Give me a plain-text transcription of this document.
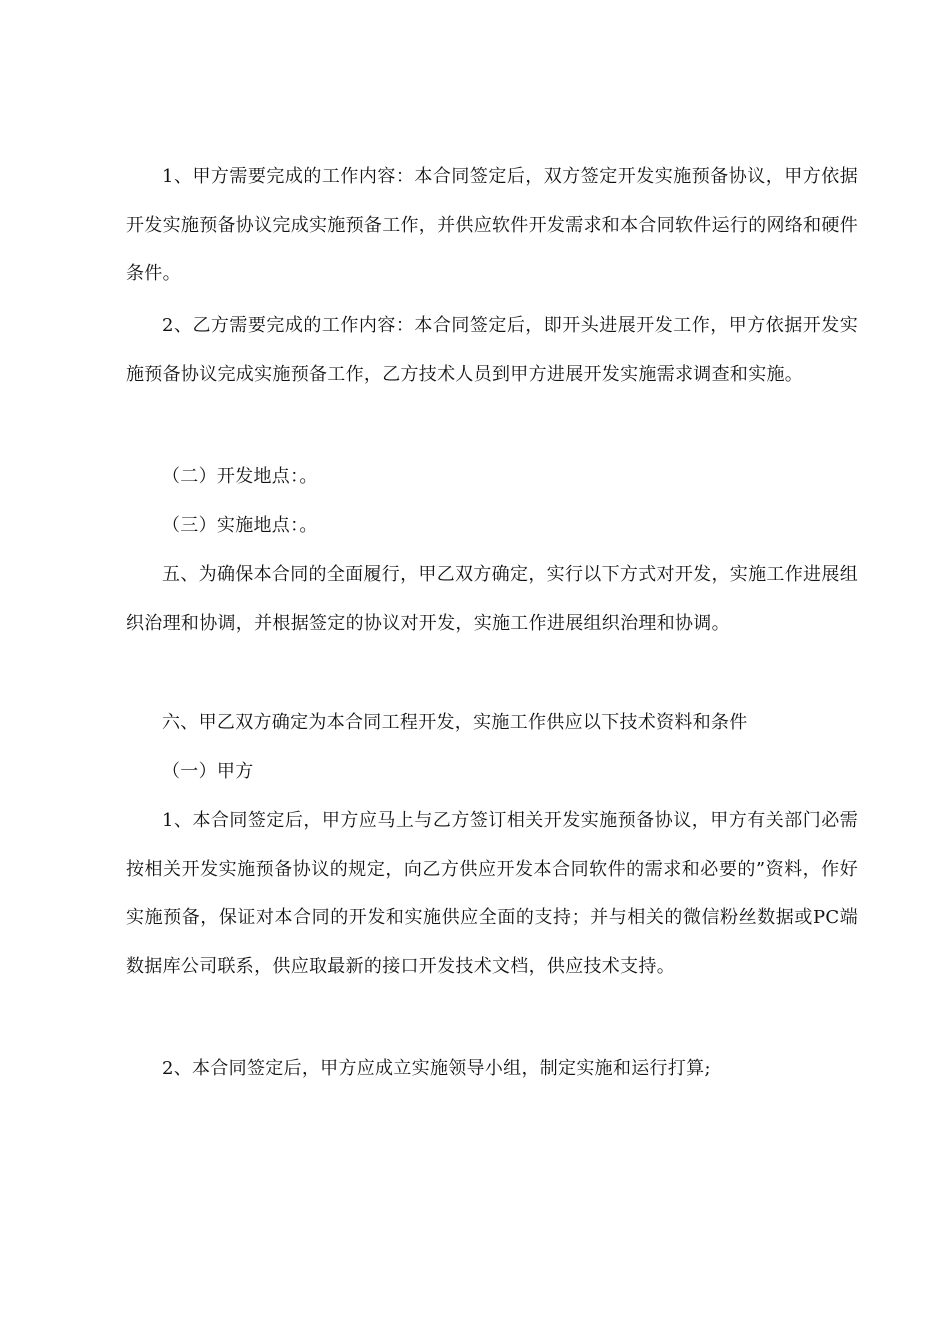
1、甲方需要完成的工作内容：本合同签定后，双方签定开发实施预备协议，甲方依据开发实施预备协议完成实施预备工作，并供应软件开发需求和本合同软件运行的网络和硬件条件。

2、乙方需要完成的工作内容：本合同签定后，即开头进展开发工作，甲方依据开发实施预备协议完成实施预备工作，乙方技术人员到甲方进展开发实施需求调查和实施。

（二）开发地点：。

（三）实施地点：。

五、为确保本合同的全面履行，甲乙双方确定，实行以下方式对开发，实施工作进展组织治理和协调，并根据签定的协议对开发，实施工作进展组织治理和协调。

六、甲乙双方确定为本合同工程开发，实施工作供应以下技术资料和条件

（一）甲方

1、本合同签定后，甲方应马上与乙方签订相关开发实施预备协议，甲方有关部门必需按相关开发实施预备协议的规定，向乙方供应开发本合同软件的需求和必要的”资料，作好实施预备，保证对本合同的开发和实施供应全面的支持；并与相关的微信粉丝数据或PC端数据库公司联系，供应取最新的接口开发技术文档，供应技术支持。

2、本合同签定后，甲方应成立实施领导小组，制定实施和运行打算;
